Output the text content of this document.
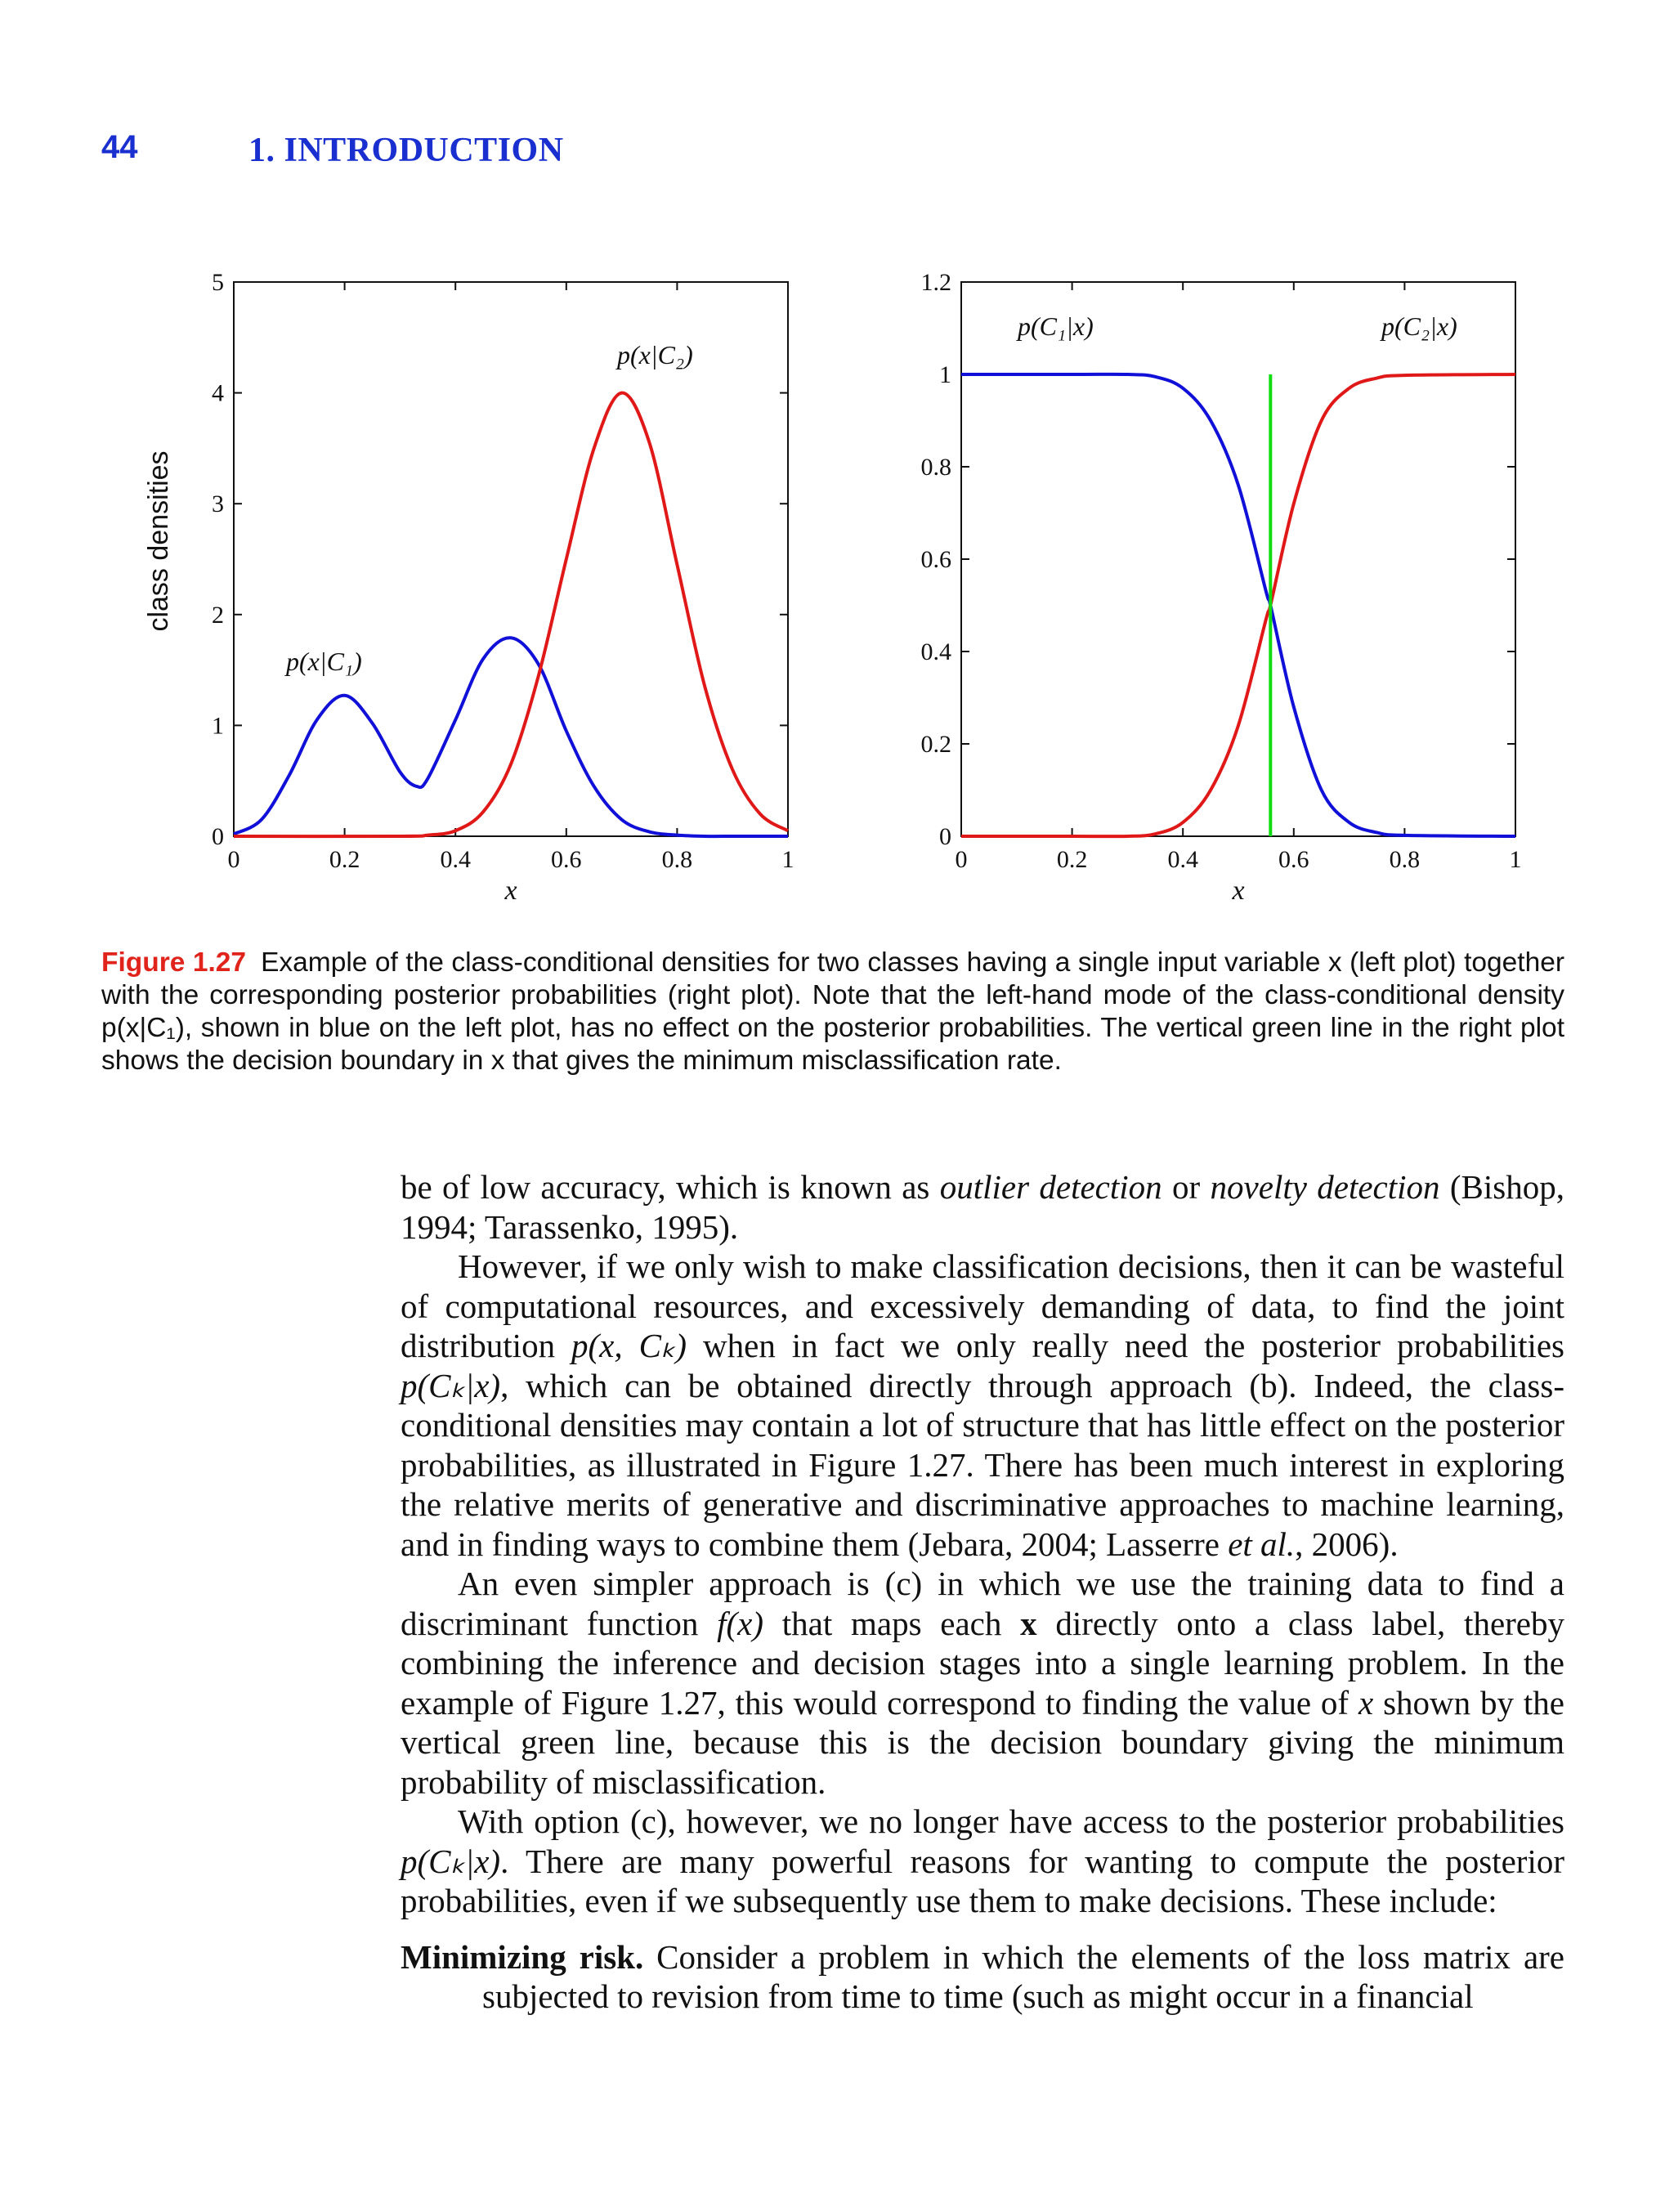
44	1. INTRODUCTION
class densities
0	0.2	0.4	0.6	0.8	1
0
1
2
3
4
5
x
p(x|C₁)
p(x|C₂)
0	0.2	0.4	0.6	0.8	1
0
0.2
0.4
0.6
0.8
1
1.2
x
p(C₁|x)	p(C₂|x)
Figure 1.27 Example of the class-conditional densities for two classes having a single input variable x (left plot) together with the corresponding posterior probabilities (right plot). Note that the left-hand mode of the class-conditional density p(x|C₁), shown in blue on the left plot, has no effect on the posterior probabilities. The vertical green line in the right plot shows the decision boundary in x that gives the minimum misclassification rate.

be of low accuracy, which is known as outlier detection or novelty detection (Bishop, 1994; Tarassenko, 1995).

However, if we only wish to make classification decisions, then it can be wasteful of computational resources, and excessively demanding of data, to find the joint distribution p(x, Cₖ) when in fact we only really need the posterior probabilities p(Cₖ|x), which can be obtained directly through approach (b). Indeed, the class-conditional densities may contain a lot of structure that has little effect on the posterior probabilities, as illustrated in Figure 1.27. There has been much interest in exploring the relative merits of generative and discriminative approaches to machine learning, and in finding ways to combine them (Jebara, 2004; Lasserre et al., 2006).

An even simpler approach is (c) in which we use the training data to find a discriminant function f(x) that maps each x directly onto a class label, thereby combining the inference and decision stages into a single learning problem. In the example of Figure 1.27, this would correspond to finding the value of x shown by the vertical green line, because this is the decision boundary giving the minimum probability of misclassification.

With option (c), however, we no longer have access to the posterior probabilities p(Cₖ|x). There are many powerful reasons for wanting to compute the posterior probabilities, even if we subsequently use them to make decisions. These include:

Minimizing risk. Consider a problem in which the elements of the loss matrix are subjected to revision from time to time (such as might occur in a financial
